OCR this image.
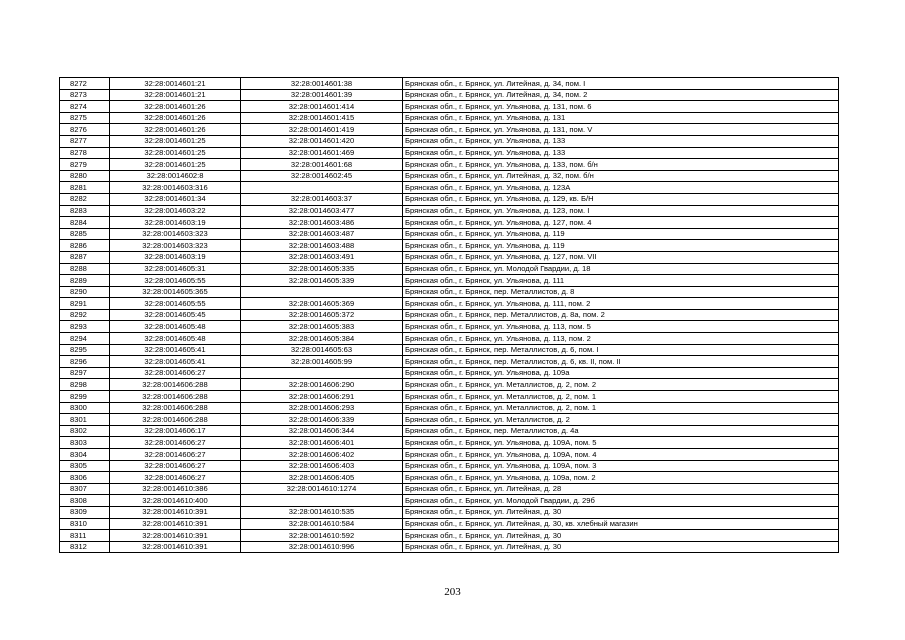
8272	32:28:0014601:21	32:28:0014601:38	Брянская обл., г. Брянск, ул. Литейная, д. 34, пом. I
8273	32:28:0014601:21	32:28:0014601:39	Брянская обл., г. Брянск, ул. Литейная, д. 34, пом. 2
8274	32:28:0014601:26	32:28:0014601:414	Брянская обл., г. Брянск, ул. Ульянова, д. 131, пом. 6
8275	32:28:0014601:26	32:28:0014601:415	Брянская обл., г. Брянск, ул. Ульянова, д. 131
8276	32:28:0014601:26	32:28:0014601:419	Брянская обл., г. Брянск, ул. Ульянова, д. 131, пом. V
8277	32:28:0014601:25	32:28:0014601:420	Брянская обл., г. Брянск, ул. Ульянова, д. 133
8278	32:28:0014601:25	32:28:0014601:469	Брянская обл., г. Брянск, ул. Ульянова, д. 133
8279	32:28:0014601:25	32:28:0014601:68	Брянская обл., г. Брянск, ул. Ульянова, д. 133, пом. б/н
8280	32:28:0014602:8	32:28:0014602:45	Брянская обл., г. Брянск, ул. Литейная, д. 32, пом. б/н
8281	32:28:0014603:316		Брянская обл., г. Брянск, ул. Ульянова, д. 123А
8282	32:28:0014601:34	32:28:0014603:37	Брянская обл., г. Брянск, ул. Ульянова, д. 129, кв. Б/Н
8283	32:28:0014603:22	32:28:0014603:477	Брянская обл., г. Брянск, ул. Ульянова, д. 123, пом. I
8284	32:28:0014603:19	32:28:0014603:486	Брянская обл., г. Брянск, ул. Ульянова, д. 127, пом. 4
8285	32:28:0014603:323	32:28:0014603:487	Брянская обл., г. Брянск, ул. Ульянова, д. 119
8286	32:28:0014603:323	32:28:0014603:488	Брянская обл., г. Брянск, ул. Ульянова, д. 119
8287	32:28:0014603:19	32:28:0014603:491	Брянская обл., г. Брянск, ул. Ульянова, д. 127, пом. VII
8288	32:28:0014605:31	32:28:0014605:335	Брянская обл., г. Брянск, ул. Молодой Гвардии, д. 18
8289	32:28:0014605:55	32:28:0014605:339	Брянская обл., г. Брянск, ул. Ульянова, д. 111
8290	32:28:0014605:365		Брянская обл., г. Брянск, пер. Металлистов, д. 8
8291	32:28:0014605:55	32:28:0014605:369	Брянская обл., г. Брянск, ул. Ульянова, д. 111, пом. 2
8292	32:28:0014605:45	32:28:0014605:372	Брянская обл., г. Брянск, пер. Металлистов, д. 8а, пом. 2
8293	32:28:0014605:48	32:28:0014605:383	Брянская обл., г. Брянск, ул. Ульянова, д. 113, пом. 5
8294	32:28:0014605:48	32:28:0014605:384	Брянская обл., г. Брянск, ул. Ульянова, д. 113, пом. 2
8295	32:28:0014605:41	32:28:0014605:63	Брянская обл., г. Брянск, пер. Металлистов, д. 6, пом. I
8296	32:28:0014605:41	32:28:0014605:99	Брянская обл., г. Брянск, пер. Металлистов, д. 6, кв. II, пом. II
8297	32:28:0014606:27		Брянская обл., г. Брянск, ул. Ульянова, д. 109а
8298	32:28:0014606:288	32:28:0014606:290	Брянская обл., г. Брянск, ул. Металлистов, д. 2, пом. 2
8299	32:28:0014606:288	32:28:0014606:291	Брянская обл., г. Брянск, ул. Металлистов, д. 2, пом. 1
8300	32:28:0014606:288	32:28:0014606:293	Брянская обл., г. Брянск, ул. Металлистов, д. 2, пом. 1
8301	32:28:0014606:288	32:28:0014606:339	Брянская обл., г. Брянск, ул. Металлистов, д. 2
8302	32:28:0014606:17	32:28:0014606:344	Брянская обл., г. Брянск, пер. Металлистов, д. 4а
8303	32:28:0014606:27	32:28:0014606:401	Брянская обл., г. Брянск, ул. Ульянова, д. 109А, пом. 5
8304	32:28:0014606:27	32:28:0014606:402	Брянская обл., г. Брянск, ул. Ульянова, д. 109А, пом. 4
8305	32:28:0014606:27	32:28:0014606:403	Брянская обл., г. Брянск, ул. Ульянова, д. 109А, пом. 3
8306	32:28:0014606:27	32:28:0014606:405	Брянская обл., г. Брянск, ул. Ульянова, д. 109а, пом. 2
8307	32:28:0014610:386	32:28:0014610:1274	Брянская обл., г. Брянск, ул. Литейная, д. 28
8308	32:28:0014610:400		Брянская обл., г. Брянск, ул. Молодой Гвардии, д. 29б
8309	32:28:0014610:391	32:28:0014610:535	Брянская обл., г. Брянск, ул. Литейная, д. 30
8310	32:28:0014610:391	32:28:0014610:584	Брянская обл., г. Брянск, ул. Литейная, д. 30, кв. хлебный магазин
8311	32:28:0014610:391	32:28:0014610:592	Брянская обл., г. Брянск, ул. Литейная, д. 30
8312	32:28:0014610:391	32:28:0014610:996	Брянская обл., г. Брянск, ул. Литейная, д. 30
203
